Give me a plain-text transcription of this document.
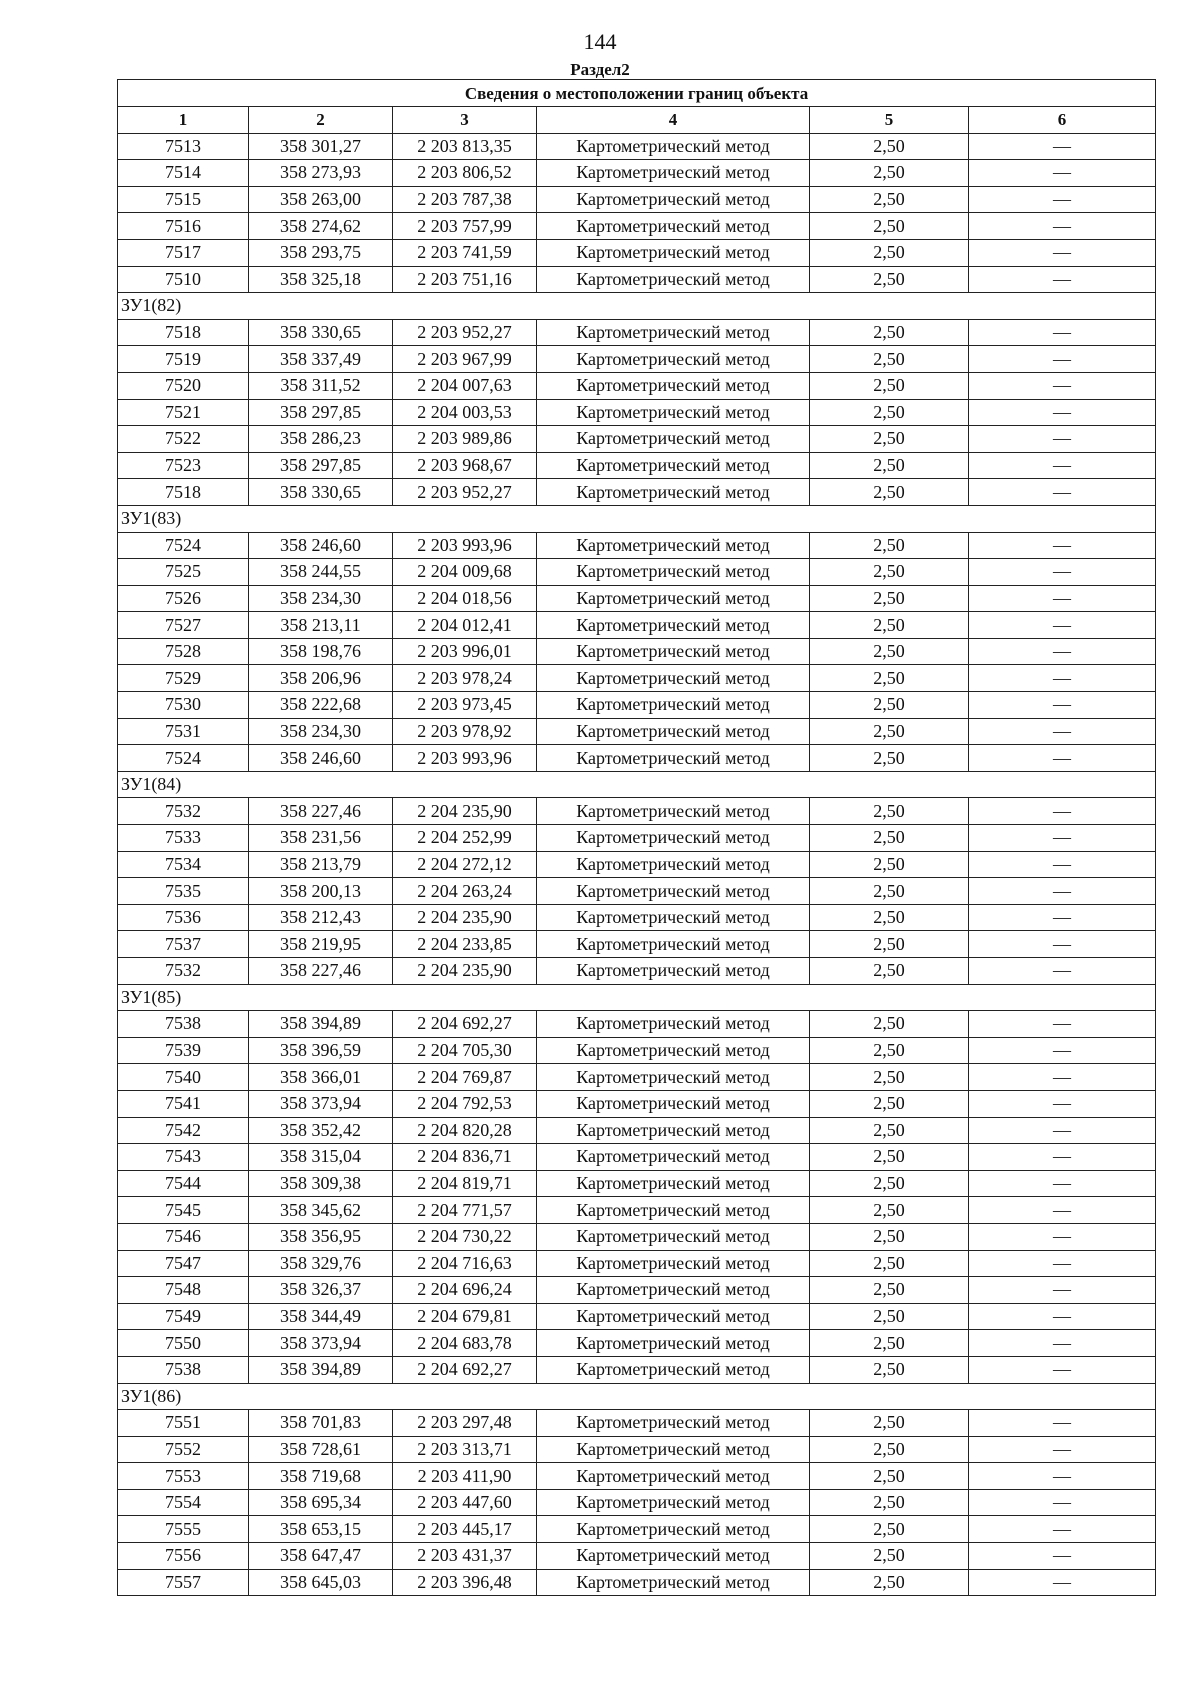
144
Раздел2
Сведения о местоположении границ объекта					
1	2	3	4	5	6
7513	358 301,27	2 203 813,35	Картометрический метод	2,50	—
7514	358 273,93	2 203 806,52	Картометрический метод	2,50	—
7515	358 263,00	2 203 787,38	Картометрический метод	2,50	—
7516	358 274,62	2 203 757,99	Картометрический метод	2,50	—
7517	358 293,75	2 203 741,59	Картометрический метод	2,50	—
7510	358 325,18	2 203 751,16	Картометрический метод	2,50	—
ЗУ1(82)					
7518	358 330,65	2 203 952,27	Картометрический метод	2,50	—
7519	358 337,49	2 203 967,99	Картометрический метод	2,50	—
7520	358 311,52	2 204 007,63	Картометрический метод	2,50	—
7521	358 297,85	2 204 003,53	Картометрический метод	2,50	—
7522	358 286,23	2 203 989,86	Картометрический метод	2,50	—
7523	358 297,85	2 203 968,67	Картометрический метод	2,50	—
7518	358 330,65	2 203 952,27	Картометрический метод	2,50	—
ЗУ1(83)					
7524	358 246,60	2 203 993,96	Картометрический метод	2,50	—
7525	358 244,55	2 204 009,68	Картометрический метод	2,50	—
7526	358 234,30	2 204 018,56	Картометрический метод	2,50	—
7527	358 213,11	2 204 012,41	Картометрический метод	2,50	—
7528	358 198,76	2 203 996,01	Картометрический метод	2,50	—
7529	358 206,96	2 203 978,24	Картометрический метод	2,50	—
7530	358 222,68	2 203 973,45	Картометрический метод	2,50	—
7531	358 234,30	2 203 978,92	Картометрический метод	2,50	—
7524	358 246,60	2 203 993,96	Картометрический метод	2,50	—
ЗУ1(84)					
7532	358 227,46	2 204 235,90	Картометрический метод	2,50	—
7533	358 231,56	2 204 252,99	Картометрический метод	2,50	—
7534	358 213,79	2 204 272,12	Картометрический метод	2,50	—
7535	358 200,13	2 204 263,24	Картометрический метод	2,50	—
7536	358 212,43	2 204 235,90	Картометрический метод	2,50	—
7537	358 219,95	2 204 233,85	Картометрический метод	2,50	—
7532	358 227,46	2 204 235,90	Картометрический метод	2,50	—
ЗУ1(85)					
7538	358 394,89	2 204 692,27	Картометрический метод	2,50	—
7539	358 396,59	2 204 705,30	Картометрический метод	2,50	—
7540	358 366,01	2 204 769,87	Картометрический метод	2,50	—
7541	358 373,94	2 204 792,53	Картометрический метод	2,50	—
7542	358 352,42	2 204 820,28	Картометрический метод	2,50	—
7543	358 315,04	2 204 836,71	Картометрический метод	2,50	—
7544	358 309,38	2 204 819,71	Картометрический метод	2,50	—
7545	358 345,62	2 204 771,57	Картометрический метод	2,50	—
7546	358 356,95	2 204 730,22	Картометрический метод	2,50	—
7547	358 329,76	2 204 716,63	Картометрический метод	2,50	—
7548	358 326,37	2 204 696,24	Картометрический метод	2,50	—
7549	358 344,49	2 204 679,81	Картометрический метод	2,50	—
7550	358 373,94	2 204 683,78	Картометрический метод	2,50	—
7538	358 394,89	2 204 692,27	Картометрический метод	2,50	—
ЗУ1(86)					
7551	358 701,83	2 203 297,48	Картометрический метод	2,50	—
7552	358 728,61	2 203 313,71	Картометрический метод	2,50	—
7553	358 719,68	2 203 411,90	Картометрический метод	2,50	—
7554	358 695,34	2 203 447,60	Картометрический метод	2,50	—
7555	358 653,15	2 203 445,17	Картометрический метод	2,50	—
7556	358 647,47	2 203 431,37	Картометрический метод	2,50	—
7557	358 645,03	2 203 396,48	Картометрический метод	2,50	—
